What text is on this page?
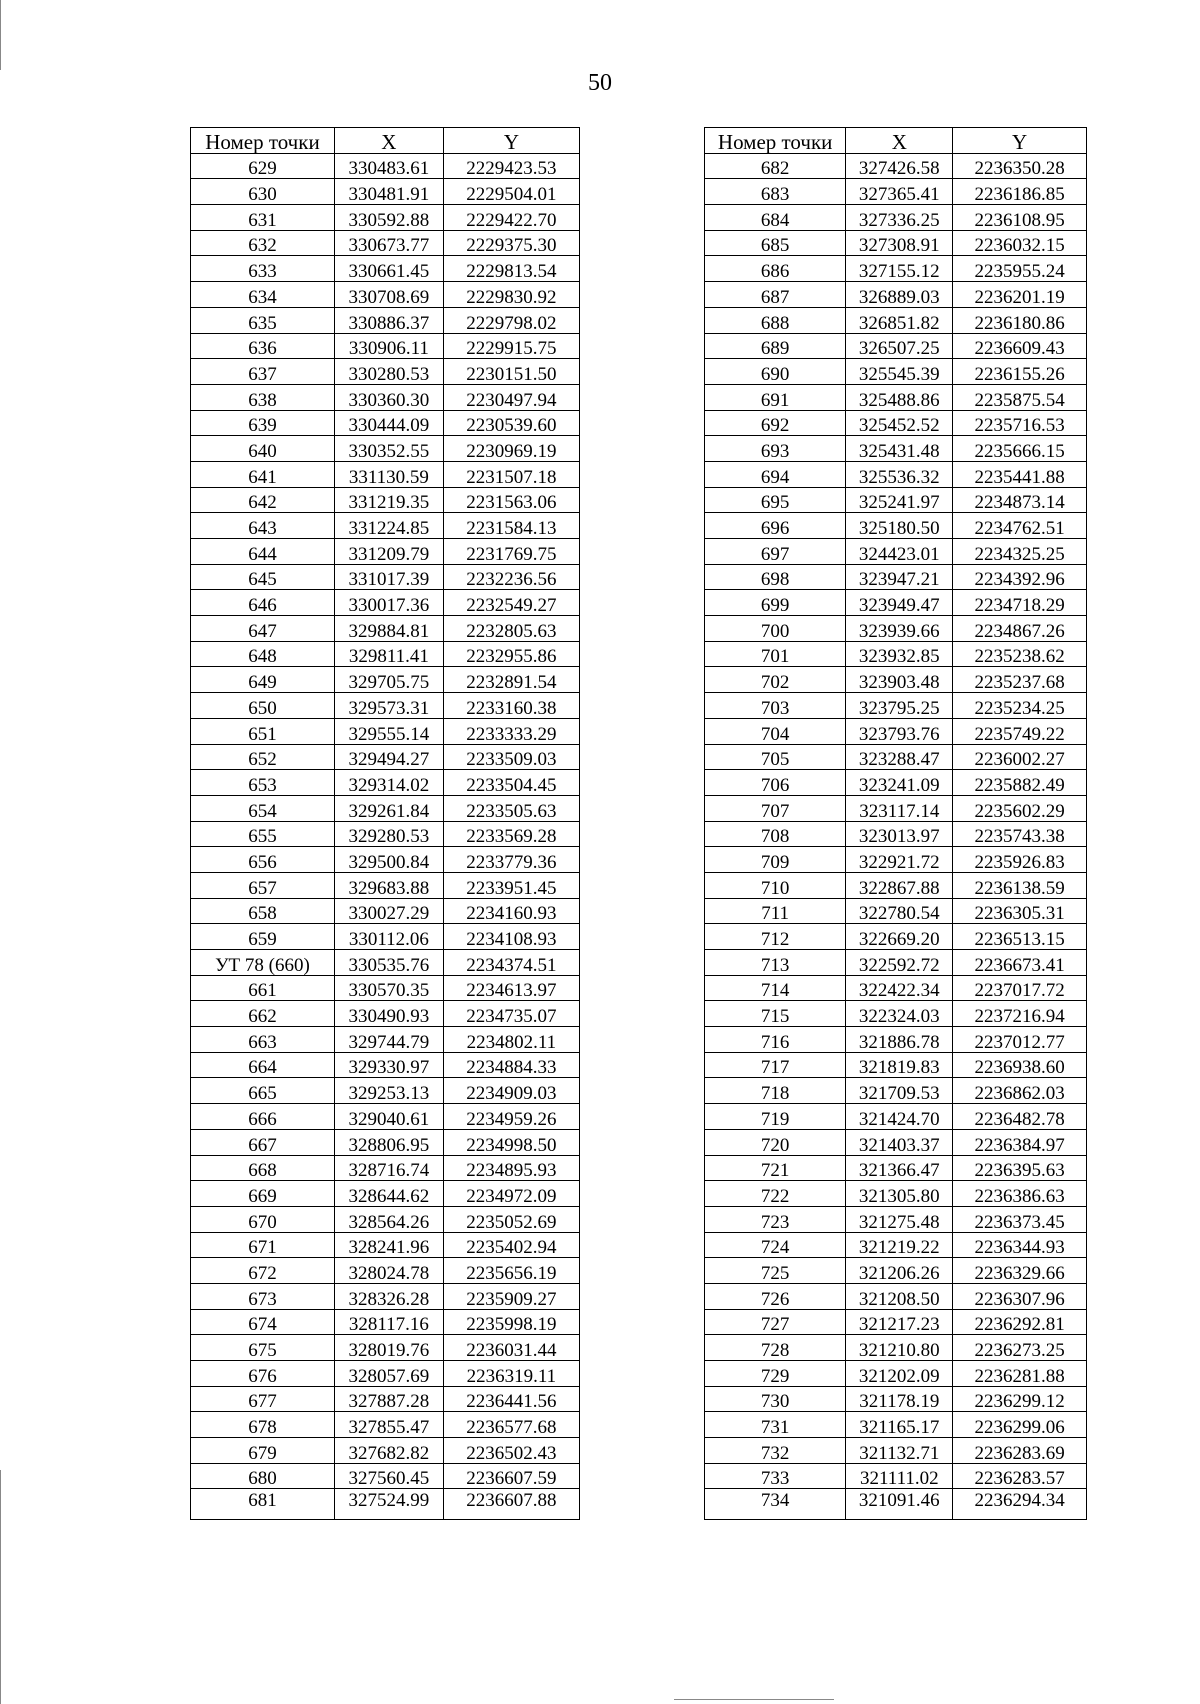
50
Номер точки	X	Y
629	330483.61	2229423.53
630	330481.91	2229504.01
631	330592.88	2229422.70
632	330673.77	2229375.30
633	330661.45	2229813.54
634	330708.69	2229830.92
635	330886.37	2229798.02
636	330906.11	2229915.75
637	330280.53	2230151.50
638	330360.30	2230497.94
639	330444.09	2230539.60
640	330352.55	2230969.19
641	331130.59	2231507.18
642	331219.35	2231563.06
643	331224.85	2231584.13
644	331209.79	2231769.75
645	331017.39	2232236.56
646	330017.36	2232549.27
647	329884.81	2232805.63
648	329811.41	2232955.86
649	329705.75	2232891.54
650	329573.31	2233160.38
651	329555.14	2233333.29
652	329494.27	2233509.03
653	329314.02	2233504.45
654	329261.84	2233505.63
655	329280.53	2233569.28
656	329500.84	2233779.36
657	329683.88	2233951.45
658	330027.29	2234160.93
659	330112.06	2234108.93
УТ 78 (660)	330535.76	2234374.51
661	330570.35	2234613.97
662	330490.93	2234735.07
663	329744.79	2234802.11
664	329330.97	2234884.33
665	329253.13	2234909.03
666	329040.61	2234959.26
667	328806.95	2234998.50
668	328716.74	2234895.93
669	328644.62	2234972.09
670	328564.26	2235052.69
671	328241.96	2235402.94
672	328024.78	2235656.19
673	328326.28	2235909.27
674	328117.16	2235998.19
675	328019.76	2236031.44
676	328057.69	2236319.11
677	327887.28	2236441.56
678	327855.47	2236577.68
679	327682.82	2236502.43
680	327560.45	2236607.59
681	327524.99	2236607.88
Номер точки	X	Y
682	327426.58	2236350.28
683	327365.41	2236186.85
684	327336.25	2236108.95
685	327308.91	2236032.15
686	327155.12	2235955.24
687	326889.03	2236201.19
688	326851.82	2236180.86
689	326507.25	2236609.43
690	325545.39	2236155.26
691	325488.86	2235875.54
692	325452.52	2235716.53
693	325431.48	2235666.15
694	325536.32	2235441.88
695	325241.97	2234873.14
696	325180.50	2234762.51
697	324423.01	2234325.25
698	323947.21	2234392.96
699	323949.47	2234718.29
700	323939.66	2234867.26
701	323932.85	2235238.62
702	323903.48	2235237.68
703	323795.25	2235234.25
704	323793.76	2235749.22
705	323288.47	2236002.27
706	323241.09	2235882.49
707	323117.14	2235602.29
708	323013.97	2235743.38
709	322921.72	2235926.83
710	322867.88	2236138.59
711	322780.54	2236305.31
712	322669.20	2236513.15
713	322592.72	2236673.41
714	322422.34	2237017.72
715	322324.03	2237216.94
716	321886.78	2237012.77
717	321819.83	2236938.60
718	321709.53	2236862.03
719	321424.70	2236482.78
720	321403.37	2236384.97
721	321366.47	2236395.63
722	321305.80	2236386.63
723	321275.48	2236373.45
724	321219.22	2236344.93
725	321206.26	2236329.66
726	321208.50	2236307.96
727	321217.23	2236292.81
728	321210.80	2236273.25
729	321202.09	2236281.88
730	321178.19	2236299.12
731	321165.17	2236299.06
732	321132.71	2236283.69
733	321111.02	2236283.57
734	321091.46	2236294.34
